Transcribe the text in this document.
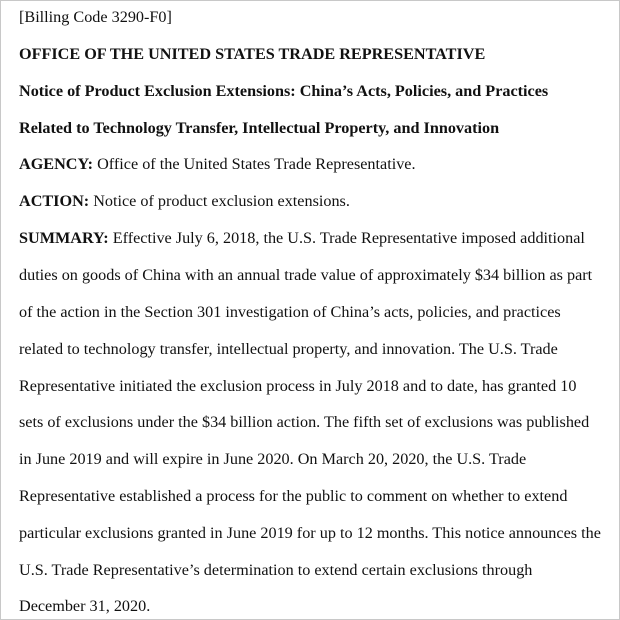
[Billing Code 3290-F0]
OFFICE OF THE UNITED STATES TRADE REPRESENTATIVE
Notice of Product Exclusion Extensions: China’s Acts, Policies, and Practices
Related to Technology Transfer, Intellectual Property, and Innovation
AGENCY: Office of the United States Trade Representative.
ACTION: Notice of product exclusion extensions.
SUMMARY: Effective July 6, 2018, the U.S. Trade Representative imposed additional
duties on goods of China with an annual trade value of approximately $34 billion as part
of the action in the Section 301 investigation of China’s acts, policies, and practices
related to technology transfer, intellectual property, and innovation. The U.S. Trade
Representative initiated the exclusion process in July 2018 and to date, has granted 10
sets of exclusions under the $34 billion action. The fifth set of exclusions was published
in June 2019 and will expire in June 2020. On March 20, 2020, the U.S. Trade
Representative established a process for the public to comment on whether to extend
particular exclusions granted in June 2019 for up to 12 months. This notice announces the
U.S. Trade Representative’s determination to extend certain exclusions through
December 31, 2020.
